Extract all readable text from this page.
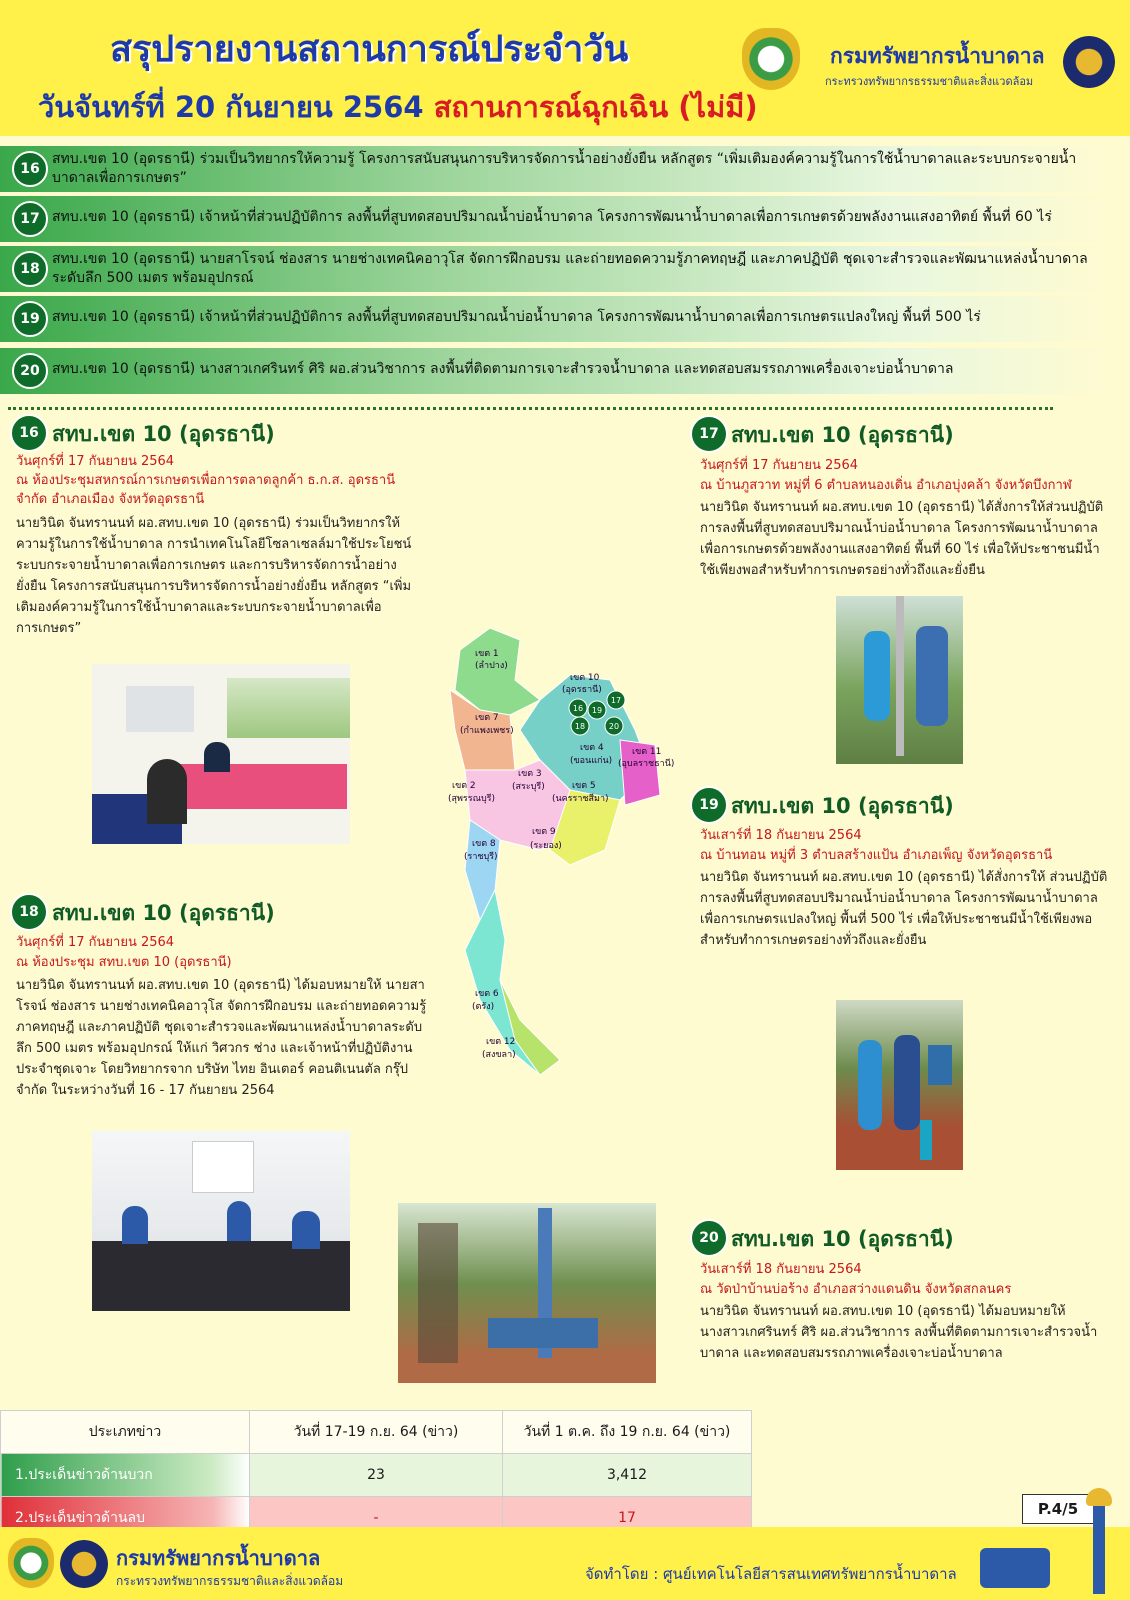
สรุปรายงานสถานการณ์ประจำวัน
วันจันทร์ที่ 20 กันยายน 2564 สถานการณ์ฉุกเฉิน (ไม่มี)
กรมทรัพยากรน้ำบาดาล
กระทรวงทรัพยากรธรรมชาติและสิ่งแวดล้อม
16
สทบ.เขต 10 (อุดรธานี) ร่วมเป็นวิทยากรให้ความรู้ โครงการสนับสนุนการบริหารจัดการน้ำอย่างยั่งยืน หลักสูตร “เพิ่มเติมองค์ความรู้ในการใช้น้ำบาดาลและระบบกระจายน้ำบาดาลเพื่อการเกษตร”
17 สทบ.เขต 10 (อุดรธานี) เจ้าหน้าที่ส่วนปฏิบัติการ ลงพื้นที่สูบทดสอบปริมาณน้ำบ่อน้ำบาดาล โครงการพัฒนาน้ำบาดาลเพื่อการเกษตรด้วยพลังงานแสงอาทิตย์ พื้นที่ 60 ไร่
18
สทบ.เขต 10 (อุดรธานี) นายสาโรจน์ ช่องสาร นายช่างเทคนิคอาวุโส จัดการฝึกอบรม และถ่ายทอดความรู้ภาคทฤษฎี และภาคปฏิบัติ ชุดเจาะสำรวจและพัฒนาแหล่งน้ำบาดาลระดับลึก 500 เมตร พร้อมอุปกรณ์
19 สทบ.เขต 10 (อุดรธานี) เจ้าหน้าที่ส่วนปฏิบัติการ ลงพื้นที่สูบทดสอบปริมาณน้ำบ่อน้ำบาดาล โครงการพัฒนาน้ำบาดาลเพื่อการเกษตรแปลงใหญ่ พื้นที่ 500 ไร่
20 สทบ.เขต 10 (อุดรธานี) นางสาวเกศรินทร์ ศิริ ผอ.ส่วนวิชาการ ลงพื้นที่ติดตามการเจาะสำรวจน้ำบาดาล และทดสอบสมรรถภาพเครื่องเจาะบ่อน้ำบาดาล
16 สทบ.เขต 10 (อุดรธานี)
วันศุกร์ที่ 17 กันยายน 2564
ณ ห้องประชุมสหกรณ์การเกษตรเพื่อการตลาดลูกค้า ธ.ก.ส. อุดรธานี จำกัด อำเภอเมือง จังหวัดอุดรธานี
นายวินิต จันทรานนท์ ผอ.สทบ.เขต 10 (อุดรธานี) ร่วมเป็นวิทยากรให้ความรู้ในการใช้น้ำบาดาล การนำเทคโนโลยีโซลาเซลล์มาใช้ประโยชน์ระบบกระจายน้ำบาดาลเพื่อการเกษตร และการบริหารจัดการน้ำอย่างยั่งยืน โครงการสนับสนุนการบริหารจัดการน้ำอย่างยั่งยืน หลักสูตร “เพิ่มเติมองค์ความรู้ในการใช้น้ำบาดาลและระบบกระจายน้ำบาดาลเพื่อการเกษตร”
17 สทบ.เขต 10 (อุดรธานี)
วันศุกร์ที่ 17 กันยายน 2564
ณ บ้านภูสวาท หมู่ที่ 6 ตำบลหนองเดิ่น อำเภอบุ่งคล้า จังหวัดบึงกาฬ
นายวินิต จันทรานนท์ ผอ.สทบ.เขต 10 (อุดรธานี) ได้สั่งการให้ส่วนปฏิบัติการลงพื้นที่สูบทดสอบปริมาณน้ำบ่อน้ำบาดาล โครงการพัฒนาน้ำบาดาลเพื่อการเกษตรด้วยพลังงานแสงอาทิตย์ พื้นที่ 60 ไร่ เพื่อให้ประชาชนมีน้ำใช้เพียงพอสำหรับทำการเกษตรอย่างทั่วถึงและยั่งยืน
เขต 1
(ลำปาง)
เขต 7
(กำแพงเพชร)
เขต 10
(อุดรธานี)
เขต 4
(ขอนแก่น)
เขต 11
(อุบลราชธานี)
เขต 2
(สุพรรณบุรี)
เขต 3
(สระบุรี)	เขต 5
(นครราชสีมา)
เขต 9
(ระยอง)
เขต 8
(ราชบุรี)
เขต 6
(ตรัง)
เขต 12
(สงขลา)
16
17
18
19
20
19 สทบ.เขต 10 (อุดรธานี)
วันเสาร์ที่ 18 กันยายน 2564
ณ บ้านทอน หมู่ที่ 3 ตำบลสร้างแป้น อำเภอเพ็ญ จังหวัดอุดรธานี
นายวินิต จันทรานนท์ ผอ.สทบ.เขต 10 (อุดรธานี) ได้สั่งการให้ ส่วนปฏิบัติการลงพื้นที่สูบทดสอบปริมาณน้ำบ่อน้ำบาดาล โครงการพัฒนาน้ำบาดาลเพื่อการเกษตรแปลงใหญ่ พื้นที่ 500 ไร่ เพื่อให้ประชาชนมีน้ำใช้เพียงพอสำหรับทำการเกษตรอย่างทั่วถึงและยั่งยืน
18 สทบ.เขต 10 (อุดรธานี)
วันศุกร์ที่ 17 กันยายน 2564
ณ ห้องประชุม สทบ.เขต 10 (อุดรธานี)
นายวินิต จันทรานนท์ ผอ.สทบ.เขต 10 (อุดรธานี) ได้มอบหมายให้ นายสาโรจน์ ช่องสาร นายช่างเทคนิคอาวุโส จัดการฝึกอบรม และถ่ายทอดความรู้ภาคทฤษฎี และภาคปฏิบัติ ชุดเจาะสำรวจและพัฒนาแหล่งน้ำบาดาลระดับลึก 500 เมตร พร้อมอุปกรณ์ ให้แก่ วิศวกร ช่าง และเจ้าหน้าที่ปฏิบัติงานประจำชุดเจาะ โดยวิทยากรจาก บริษัท ไทย อินเตอร์ คอนติเนนตัล กรุ๊ป จำกัด ในระหว่างวันที่ 16 - 17 กันยายน 2564
20 สทบ.เขต 10 (อุดรธานี)
วันเสาร์ที่ 18 กันยายน 2564
ณ วัดป่าบ้านบ่อร้าง อำเภอสว่างแดนดิน จังหวัดสกลนคร
นายวินิต จันทรานนท์ ผอ.สทบ.เขต 10 (อุดรธานี) ได้มอบหมายให้ นางสาวเกศรินทร์ ศิริ ผอ.ส่วนวิชาการ ลงพื้นที่ติดตามการเจาะสำรวจน้ำบาดาล และทดสอบสมรรถภาพเครื่องเจาะบ่อน้ำบาดาล
ประเภทข่าว	วันที่ 17-19 ก.ย. 64 (ข่าว)	วันที่ 1 ต.ค. ถึง 19 ก.ย. 64 (ข่าว)
1.ประเด็นข่าวด้านบวก	23	3,412
2.ประเด็นข่าวด้านลบ	-	17	P.4/5
กรมทรัพยากรน้ำบาดาล
กระทรวงทรัพยากรธรรมชาติและสิ่งแวดล้อม	จัดทำโดย : ศูนย์เทคโนโลยีสารสนเทศทรัพยากรน้ำบาดาล
